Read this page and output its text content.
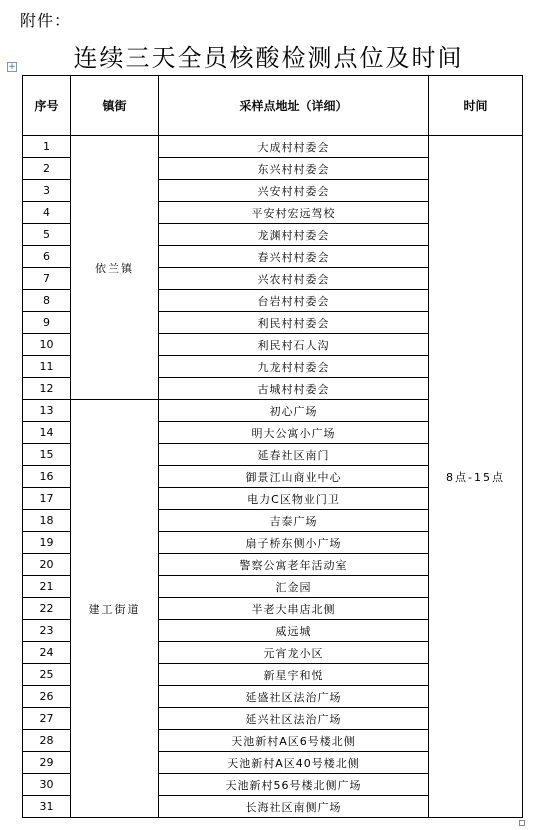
附件：
连续三天全员核酸检测点位及时间
+
序号	镇街	采样点地址（详细）	时间
1	依兰镇	大成村村委会	8点-15点
2		东兴村村委会	
3		兴安村村委会	
4		平安村宏远驾校	
5		龙渊村村委会	
6		春兴村村委会	
7		兴农村村委会	
8		台岩村村委会	
9		利民村村委会	
10		利民村石人沟	
11		九龙村村委会	
12		古城村村委会	
13	建工街道	初心广场	
14		明大公寓小广场	
15		延春社区南门	
16		御景江山商业中心	
17		电力C区物业门卫	
18		吉泰广场	
19		扇子桥东侧小广场	
20		警察公寓老年活动室	
21		汇金园	
22		半老大串店北侧	
23		威远城	
24		元宵龙小区	
25		新星宇和悦	
26		延盛社区法治广场	
27		延兴社区法治广场	
28		天池新村A区6号楼北侧	
29		天池新村A区40号楼北侧	
30		天池新村56号楼北侧广场	
31		长海社区南侧广场	
